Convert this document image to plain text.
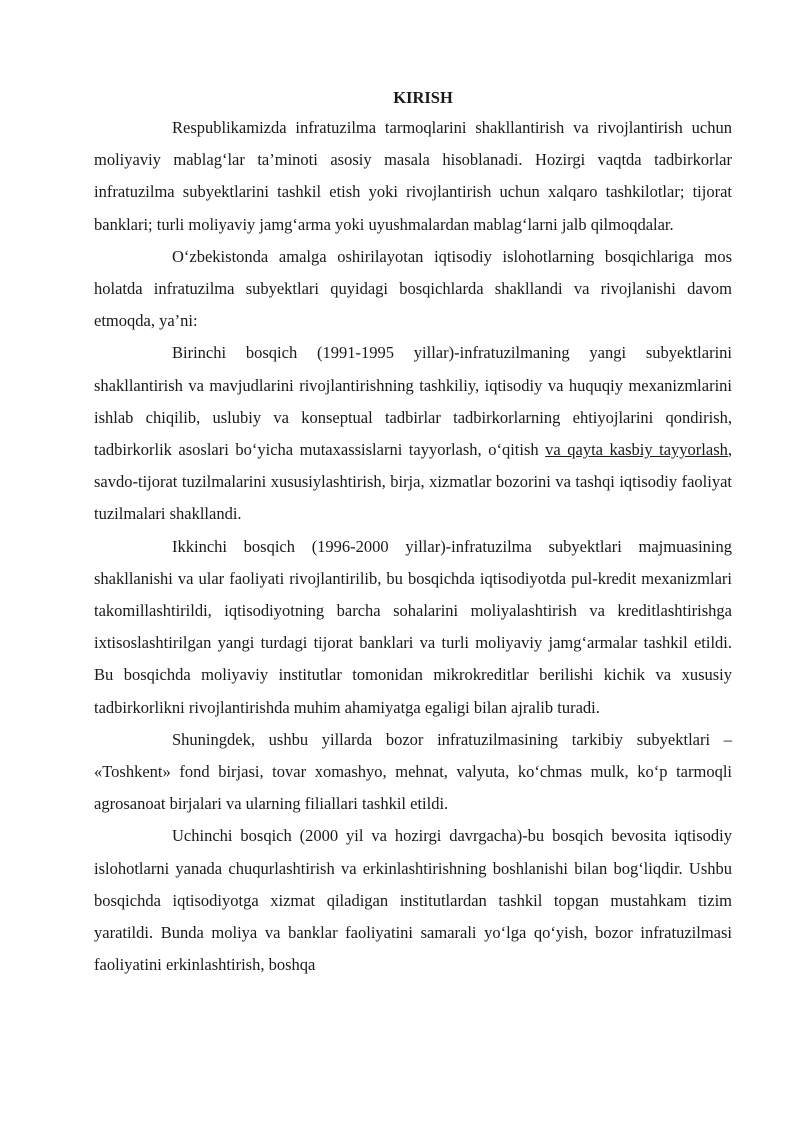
KIRISH

Respublikamizda infratuzilma tarmoqlarini shakllantirish va rivojlantirish uchun moliyaviy mablag‘lar ta’minoti asosiy masala hisoblanadi. Hozirgi vaqtda tadbirkorlar infratuzilma subyektlarini tashkil etish yoki rivojlantirish uchun xalqaro tashkilotlar; tijorat banklari; turli moliyaviy jamg‘arma yoki uyushmalardan mablag‘larni jalb qilmoqdalar.

O‘zbekistonda amalga oshirilayotan iqtisodiy islohotlarning bosqichlariga mos holatda infratuzilma subyektlari quyidagi bosqichlarda shakllandi va rivojlanishi davom etmoqda, ya’ni:

Birinchi bosqich (1991-1995 yillar)-infratuzilmaning yangi subyektlarini shakllantirish va mavjudlarini rivojlantirishning tashkiliy, iqtisodiy va huquqiy mexanizmlarini ishlab chiqilib, uslubiy va konseptual tadbirlar tadbirkorlarning ehtiyojlarini qondirish, tadbirkorlik asoslari bo‘yicha mutaxassislarni tayyorlash, o‘qitish va qayta kasbiy tayyorlash, savdo-tijorat tuzilmalarini xususiylashtirish, birja, xizmatlar bozorini va tashqi iqtisodiy faoliyat tuzilmalari shakllandi.

Ikkinchi bosqich (1996-2000 yillar)-infratuzilma subyektlari majmuasining shakllanishi va ular faoliyati rivojlantirilib, bu bosqichda iqtisodiyotda pul-kredit mexanizmlari takomillashtirildi, iqtisodiyotning barcha sohalarini moliyalashtirish va kreditlashtirishga ixtisoslashtirilgan yangi turdagi tijorat banklari va turli moliyaviy jamg‘armalar tashkil etildi. Bu bosqichda moliyaviy institutlar tomonidan mikrokreditlar berilishi kichik va xususiy tadbirkorlikni rivojlantirishda muhim ahamiyatga egaligi bilan ajralib turadi.

Shuningdek, ushbu yillarda bozor infratuzilmasining tarkibiy subyektlari – «Toshkent» fond birjasi, tovar xomashyo, mehnat, valyuta, ko‘chmas mulk, ko‘p tarmoqli agrosanoat birjalari va ularning filiallari tashkil etildi.

Uchinchi bosqich (2000 yil va hozirgi davrgacha)-bu bosqich bevosita iqtisodiy islohotlarni yanada chuqurlashtirish va erkinlashtirishning boshlanishi bilan bog‘liqdir. Ushbu bosqichda iqtisodiyotga xizmat qiladigan institutlardan tashkil topgan mustahkam tizim yaratildi. Bunda moliya va banklar faoliyatini samarali yo‘lga qo‘yish, bozor infratuzilmasi faoliyatini erkinlashtirish, boshqa
